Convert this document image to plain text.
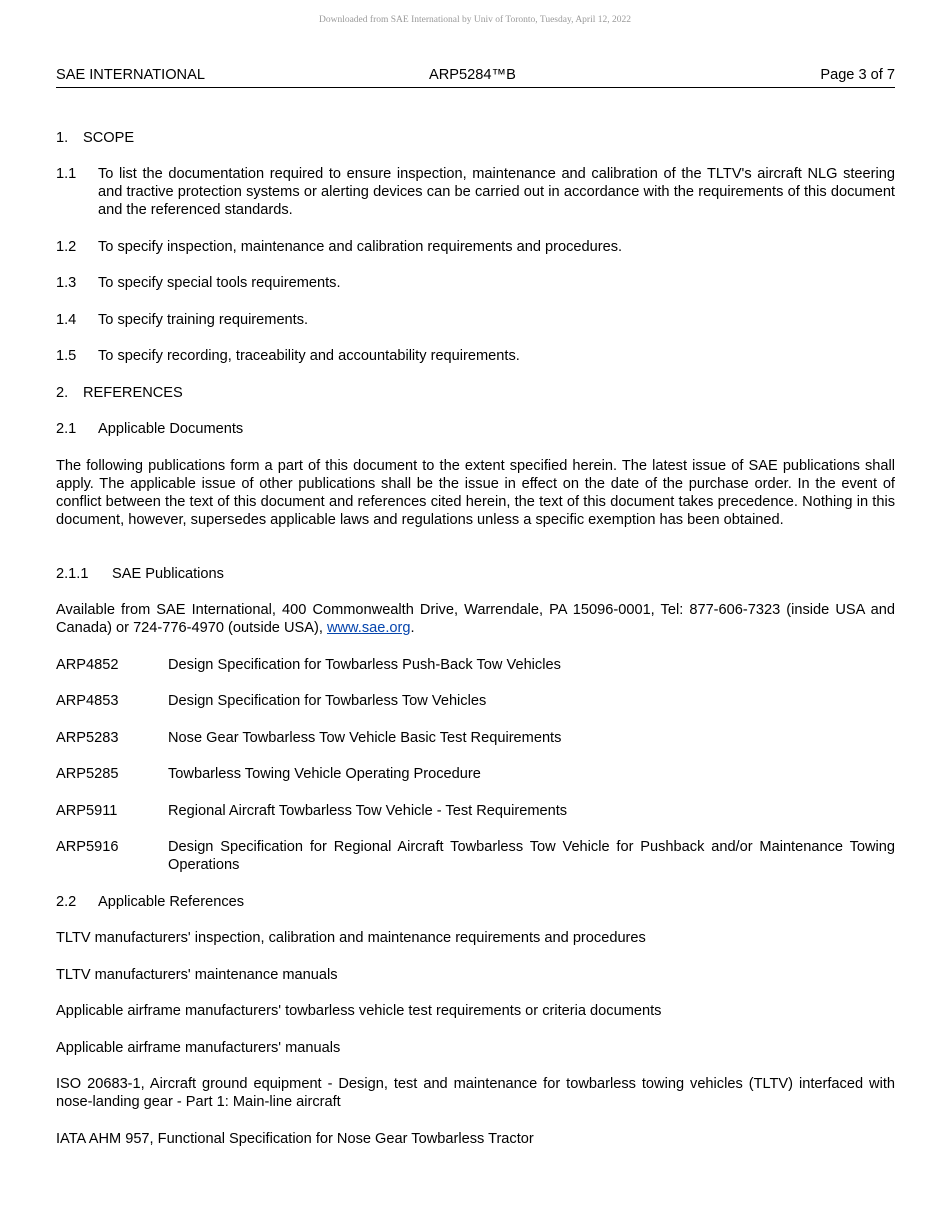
Downloaded from SAE International by Univ of Toronto, Tuesday, April 12, 2022
SAE INTERNATIONAL	ARP5284™B	Page 3 of 7
1. SCOPE
1.1 To list the documentation required to ensure inspection, maintenance and calibration of the TLTV's aircraft NLG steering and tractive protection systems or alerting devices can be carried out in accordance with the requirements of this document and the referenced standards.
1.2 To specify inspection, maintenance and calibration requirements and procedures.
1.3 To specify special tools requirements.
1.4 To specify training requirements.
1.5 To specify recording, traceability and accountability requirements.
2. REFERENCES
2.1 Applicable Documents
The following publications form a part of this document to the extent specified herein. The latest issue of SAE publications shall apply. The applicable issue of other publications shall be the issue in effect on the date of the purchase order. In the event of conflict between the text of this document and references cited herein, the text of this document takes precedence. Nothing in this document, however, supersedes applicable laws and regulations unless a specific exemption has been obtained.
2.1.1 SAE Publications
Available from SAE International, 400 Commonwealth Drive, Warrendale, PA 15096-0001, Tel: 877-606-7323 (inside USA and Canada) or 724-776-4970 (outside USA), www.sae.org.
ARP4852	Design Specification for Towbarless Push-Back Tow Vehicles
ARP4853	Design Specification for Towbarless Tow Vehicles
ARP5283	Nose Gear Towbarless Tow Vehicle Basic Test Requirements
ARP5285	Towbarless Towing Vehicle Operating Procedure
ARP5911	Regional Aircraft Towbarless Tow Vehicle - Test Requirements
ARP5916	Design Specification for Regional Aircraft Towbarless Tow Vehicle for Pushback and/or Maintenance Towing Operations
2.2 Applicable References
TLTV manufacturers' inspection, calibration and maintenance requirements and procedures
TLTV manufacturers' maintenance manuals
Applicable airframe manufacturers' towbarless vehicle test requirements or criteria documents
Applicable airframe manufacturers' manuals
ISO 20683-1, Aircraft ground equipment - Design, test and maintenance for towbarless towing vehicles (TLTV) interfaced with nose-landing gear - Part 1: Main-line aircraft
IATA AHM 957, Functional Specification for Nose Gear Towbarless Tractor
